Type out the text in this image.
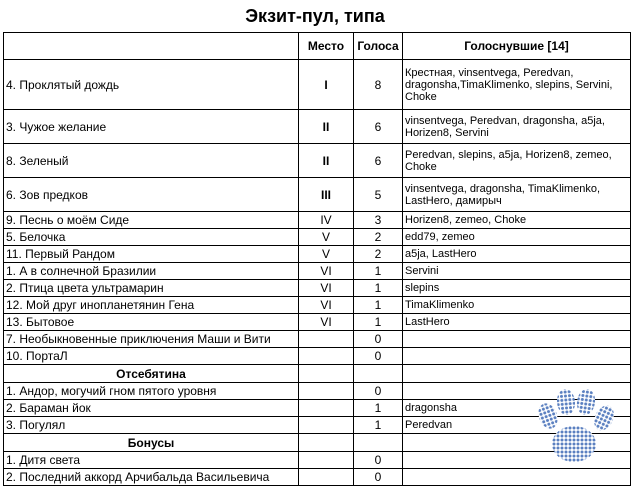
Экзит-пул, типа
	Место	Голоса	Голоснувшие [14]
4. Проклятый дождь	I	8	Крестная, vinsentvega, Peredvan, dragonsha,TimaKlimenko, slepins, Servini, Choke
3. Чужое желание	II	6	vinsentvega, Peredvan, dragonsha, a5ja, Horizen8, Servini
8. Зеленый	II	6	Peredvan, slepins, a5ja, Horizen8, zemeo, Choke
6. Зов предков	III	5	vinsentvega, dragonsha, TimaKlimenko, LastHero, дамирыч
9. Песнь о моём Сиде	IV	3	Horizen8, zemeo, Choke
5. Белочка	V	2	edd79, zemeo
11. Первый Рандом	V	2	a5ja, LastHero
1. А в солнечной Бразилии	VI	1	Servini
2. Птица цвета ультрамарин	VI	1	slepins
12. Мой друг инопланетянин Гена	VI	1	TimaKlimenko
13. Бытовое	VI	1	LastHero
7. Необыкновенные приключения Маши и Вити		0	
10. ПортаЛ		0	
Отсебятина			
1. Андор, могучий гном пятого уровня		0	
2. Бараман йок		1	dragonsha
3. Погулял		1	Peredvan
Бонусы			
1. Дитя света		0	
2. Последний аккорд Арчибальда Васильевича		0	
